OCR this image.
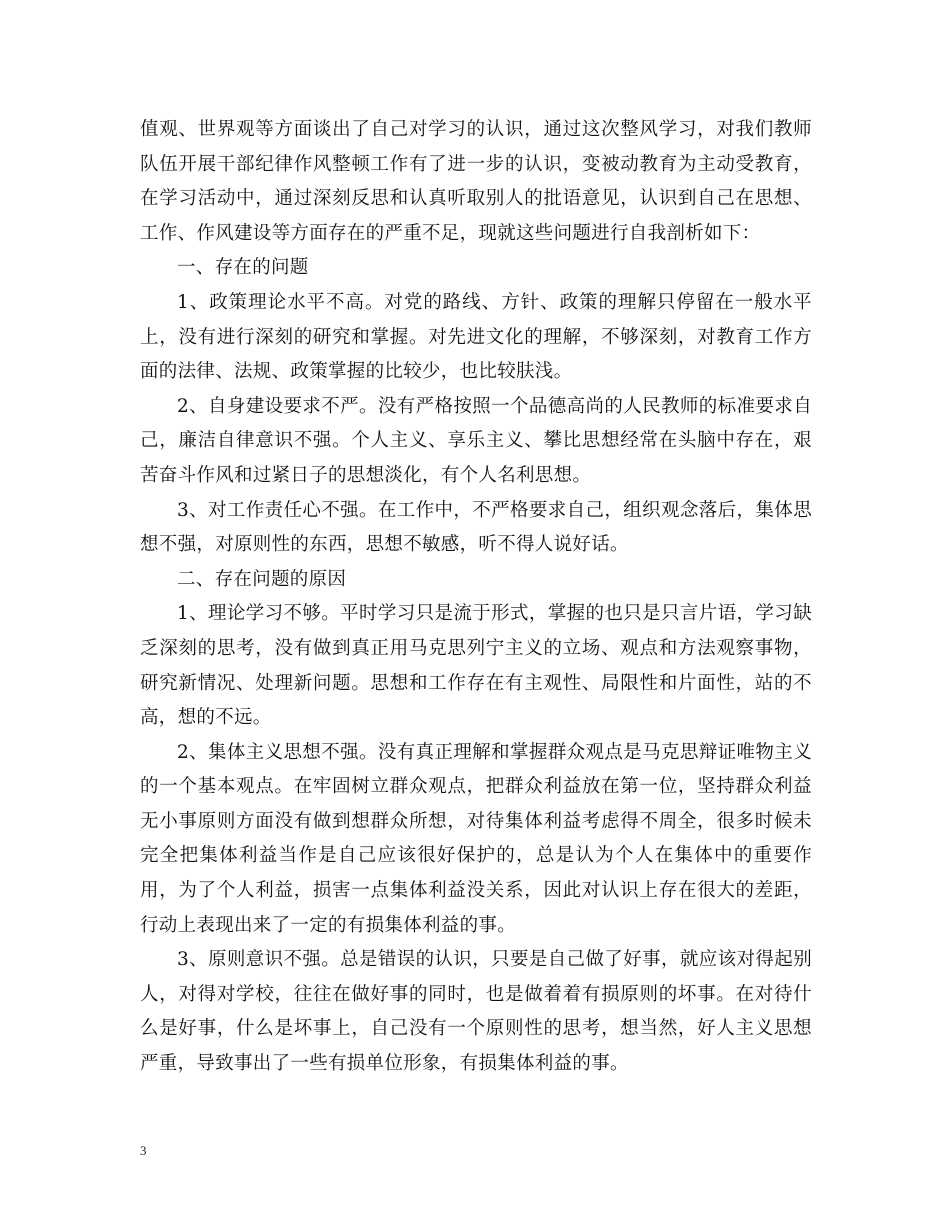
值观、世界观等方面谈出了自己对学习的认识，通过这次整风学习，对我们教师队伍开展干部纪律作风整顿工作有了进一步的认识，变被动教育为主动受教育，在学习活动中，通过深刻反思和认真听取别人的批语意见，认识到自己在思想、工作、作风建设等方面存在的严重不足，现就这些问题进行自我剖析如下：

一、存在的问题

1、政策理论水平不高。对党的路线、方针、政策的理解只停留在一般水平上，没有进行深刻的研究和掌握。对先进文化的理解，不够深刻，对教育工作方面的法律、法规、政策掌握的比较少，也比较肤浅。

2、自身建设要求不严。没有严格按照一个品德高尚的人民教师的标准要求自己，廉洁自律意识不强。个人主义、享乐主义、攀比思想经常在头脑中存在，艰苦奋斗作风和过紧日子的思想淡化，有个人名利思想。

3、对工作责任心不强。在工作中，不严格要求自己，组织观念落后，集体思想不强，对原则性的东西，思想不敏感，听不得人说好话。

二、存在问题的原因

1、理论学习不够。平时学习只是流于形式，掌握的也只是只言片语，学习缺乏深刻的思考，没有做到真正用马克思列宁主义的立场、观点和方法观察事物，研究新情况、处理新问题。思想和工作存在有主观性、局限性和片面性，站的不高，想的不远。

2、集体主义思想不强。没有真正理解和掌握群众观点是马克思辩证唯物主义的一个基本观点。在牢固树立群众观点，把群众利益放在第一位，坚持群众利益无小事原则方面没有做到想群众所想，对待集体利益考虑得不周全，很多时候未完全把集体利益当作是自己应该很好保护的，总是认为个人在集体中的重要作用，为了个人利益，损害一点集体利益没关系，因此对认识上存在很大的差距，行动上表现出来了一定的有损集体利益的事。

3、原则意识不强。总是错误的认识，只要是自己做了好事，就应该对得起别人，对得对学校，往往在做好事的同时，也是做着着有损原则的坏事。在对待什么是好事，什么是坏事上，自己没有一个原则性的思考，想当然，好人主义思想严重，导致事出了一些有损单位形象，有损集体利益的事。

3
